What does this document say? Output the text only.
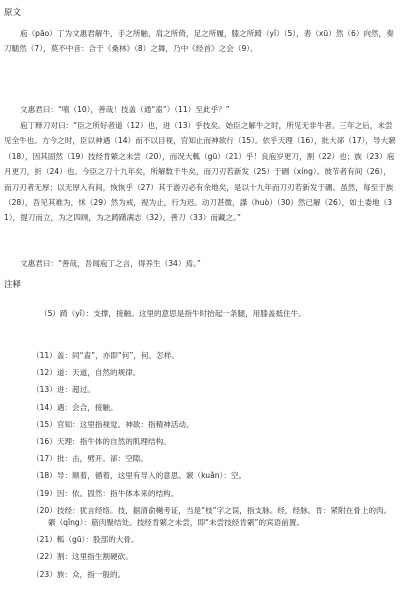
原文

庖（pāo）丁为文惠君解牛，手之所触，肩之所倚，足之所履，膝之所踦（yǐ）（5），砉（xū）然（6）向然，奏刀騞然（7），莫不中音：合于《桑林》（8）之舞，乃中《经首》之会（9）。

文惠君曰：“嘻（10），善哉！技盖（通“盍”）（11）至此乎？”

庖丁释刀对曰：“臣之所好者道（12）也，进（13）乎技矣。始臣之解牛之时，所见无非牛者。三年之后，未尝见全牛也。方今之时，臣以神遇（14）而不以目视，官知止而神欲行（15）。依乎天理（16），批大郤（17），导大窾（18），因其固然（19）技经肯綮之未尝（20），而况大軱（gū）（21）乎！良庖岁更刀，割（22）也；族（23）庖月更刀，折（24）也。今臣之刀十九年矣，所解数千牛矣，而刀刃若新发（25）于硎（xíng）。彼节者有间（26），而刀刃者无厚；以无厚入有间，恢恢乎（27）其于游刃必有余地矣，是以十九年而刀刃若新发于硎。虽然，每至于族（28），吾见其难为，怵（29）然为戒，视为止，行为迟。动刀甚微，謋（huò）（30）然已解（26），如土委地（31），提刀而立，为之四顾，为之踌躇满志（32），善刀（33）而藏之。”

文惠君曰：“善哉，吾闻庖丁之言，得养生（34）焉。”

注释

（5）踦（yǐ）：支撑，接触。这里的意思是指牛时抬起一条腿，用膝盖抵住牛。

（11）盖：同“盍”，亦即“何”，何、怎样。
（12）道：天道，自然的规律。
（13）进：超过。
（14）遇：会合，接触。
（15）官知：这里指视觉。神欲：指精神活动。
（16）天理：指牛体的自然的肌理结构。
（17）批：击，劈开。郤：空隙。
（18）导：顺着，循着，这里有导入的意思。窾（kuǎn）：空。
（19）因：依。固然：指牛体本来的结构。
（20）技经：犹言经络。技，据清俞樾考证，当是“枝”字之误，指支脉。经，经脉。肯：紧附在骨上的肉。綮（qǐng）：筋肉聚结处。技经肯綮之未尝，即“未尝技经肯綮”的宾语前置。
（21）軱（gū）：股部的大骨。
（22）割：这里指生割硬砍。
（23）族：众，指一般的。
